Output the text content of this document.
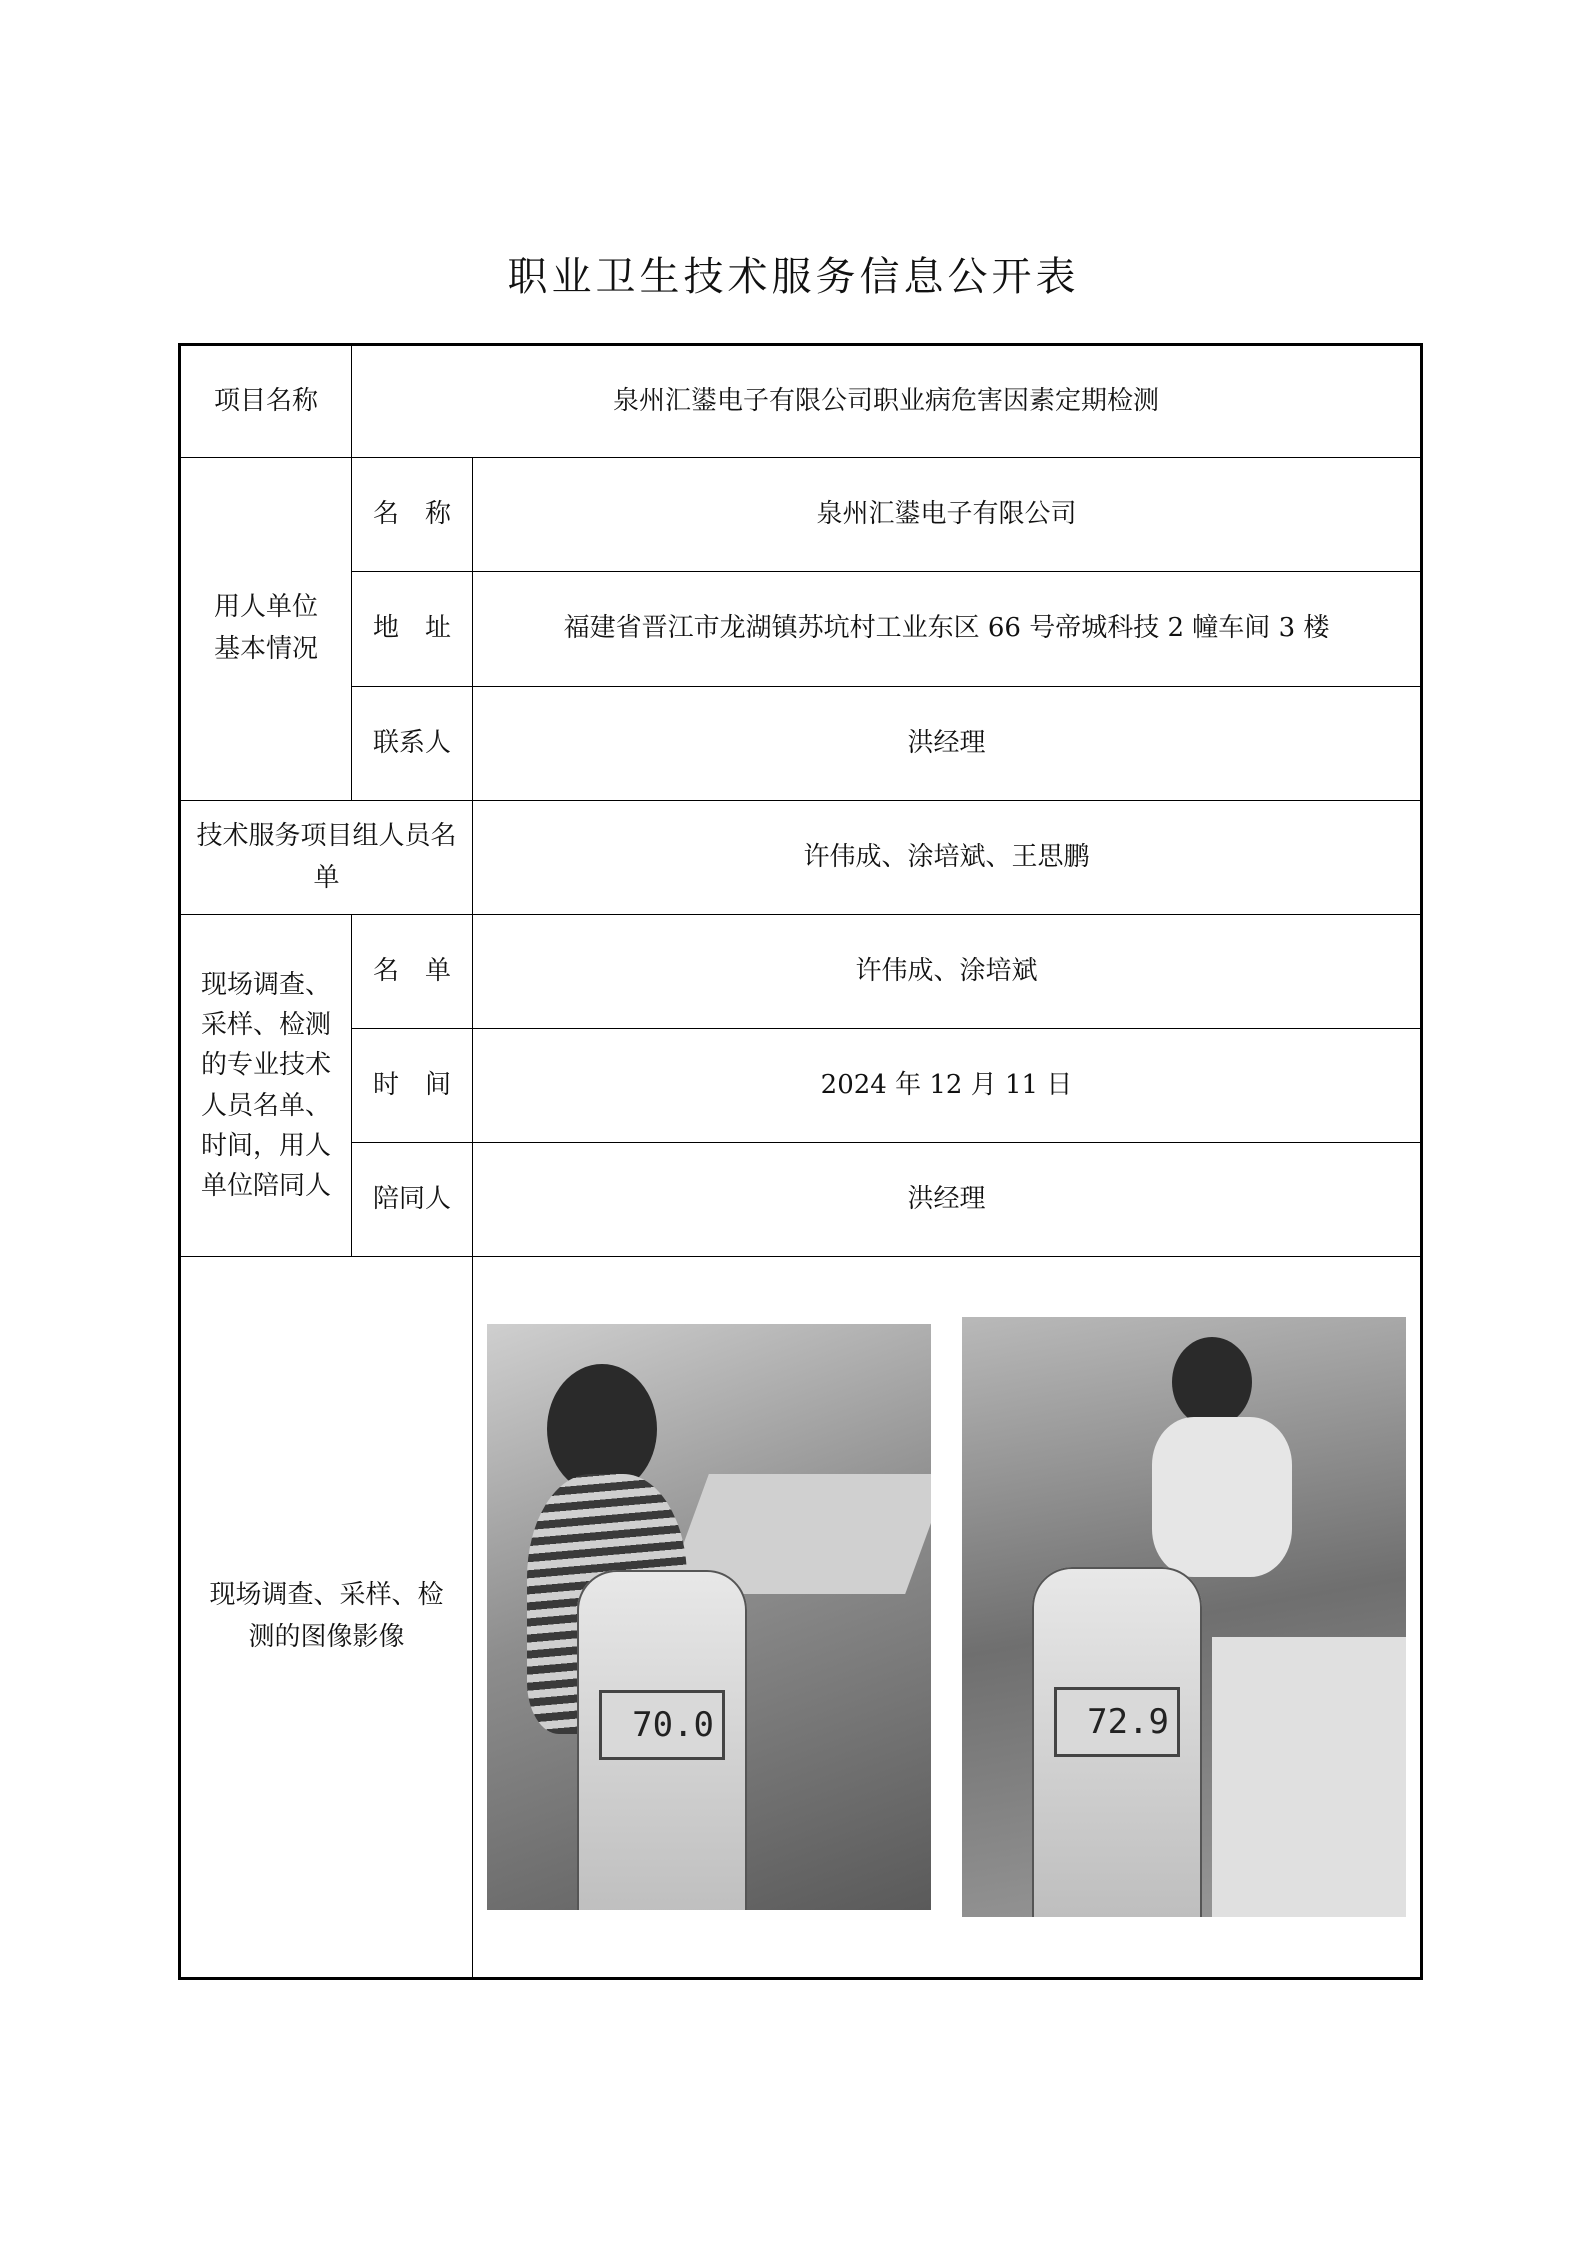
职业卫生技术服务信息公开表
项目名称	泉州汇鍙电子有限公司职业病危害因素定期检测	
用人单位基本情况	名　称	泉州汇鍙电子有限公司
	地　址	福建省晋江市龙湖镇苏坑村工业东区 66 号帝城科技 2 幢车间 3 楼
	联系人	洪经理
技术服务项目组人员名单		许伟成、涂培斌、王思鹏
现场调查、采样、检测的专业技术人员名单、时间，用人单位陪同人	名　单	许伟成、涂培斌
	时　间	2024 年 12 月 11 日
	陪同人	洪经理
现场调查、采样、检测的图像影像		70.0 72.9
